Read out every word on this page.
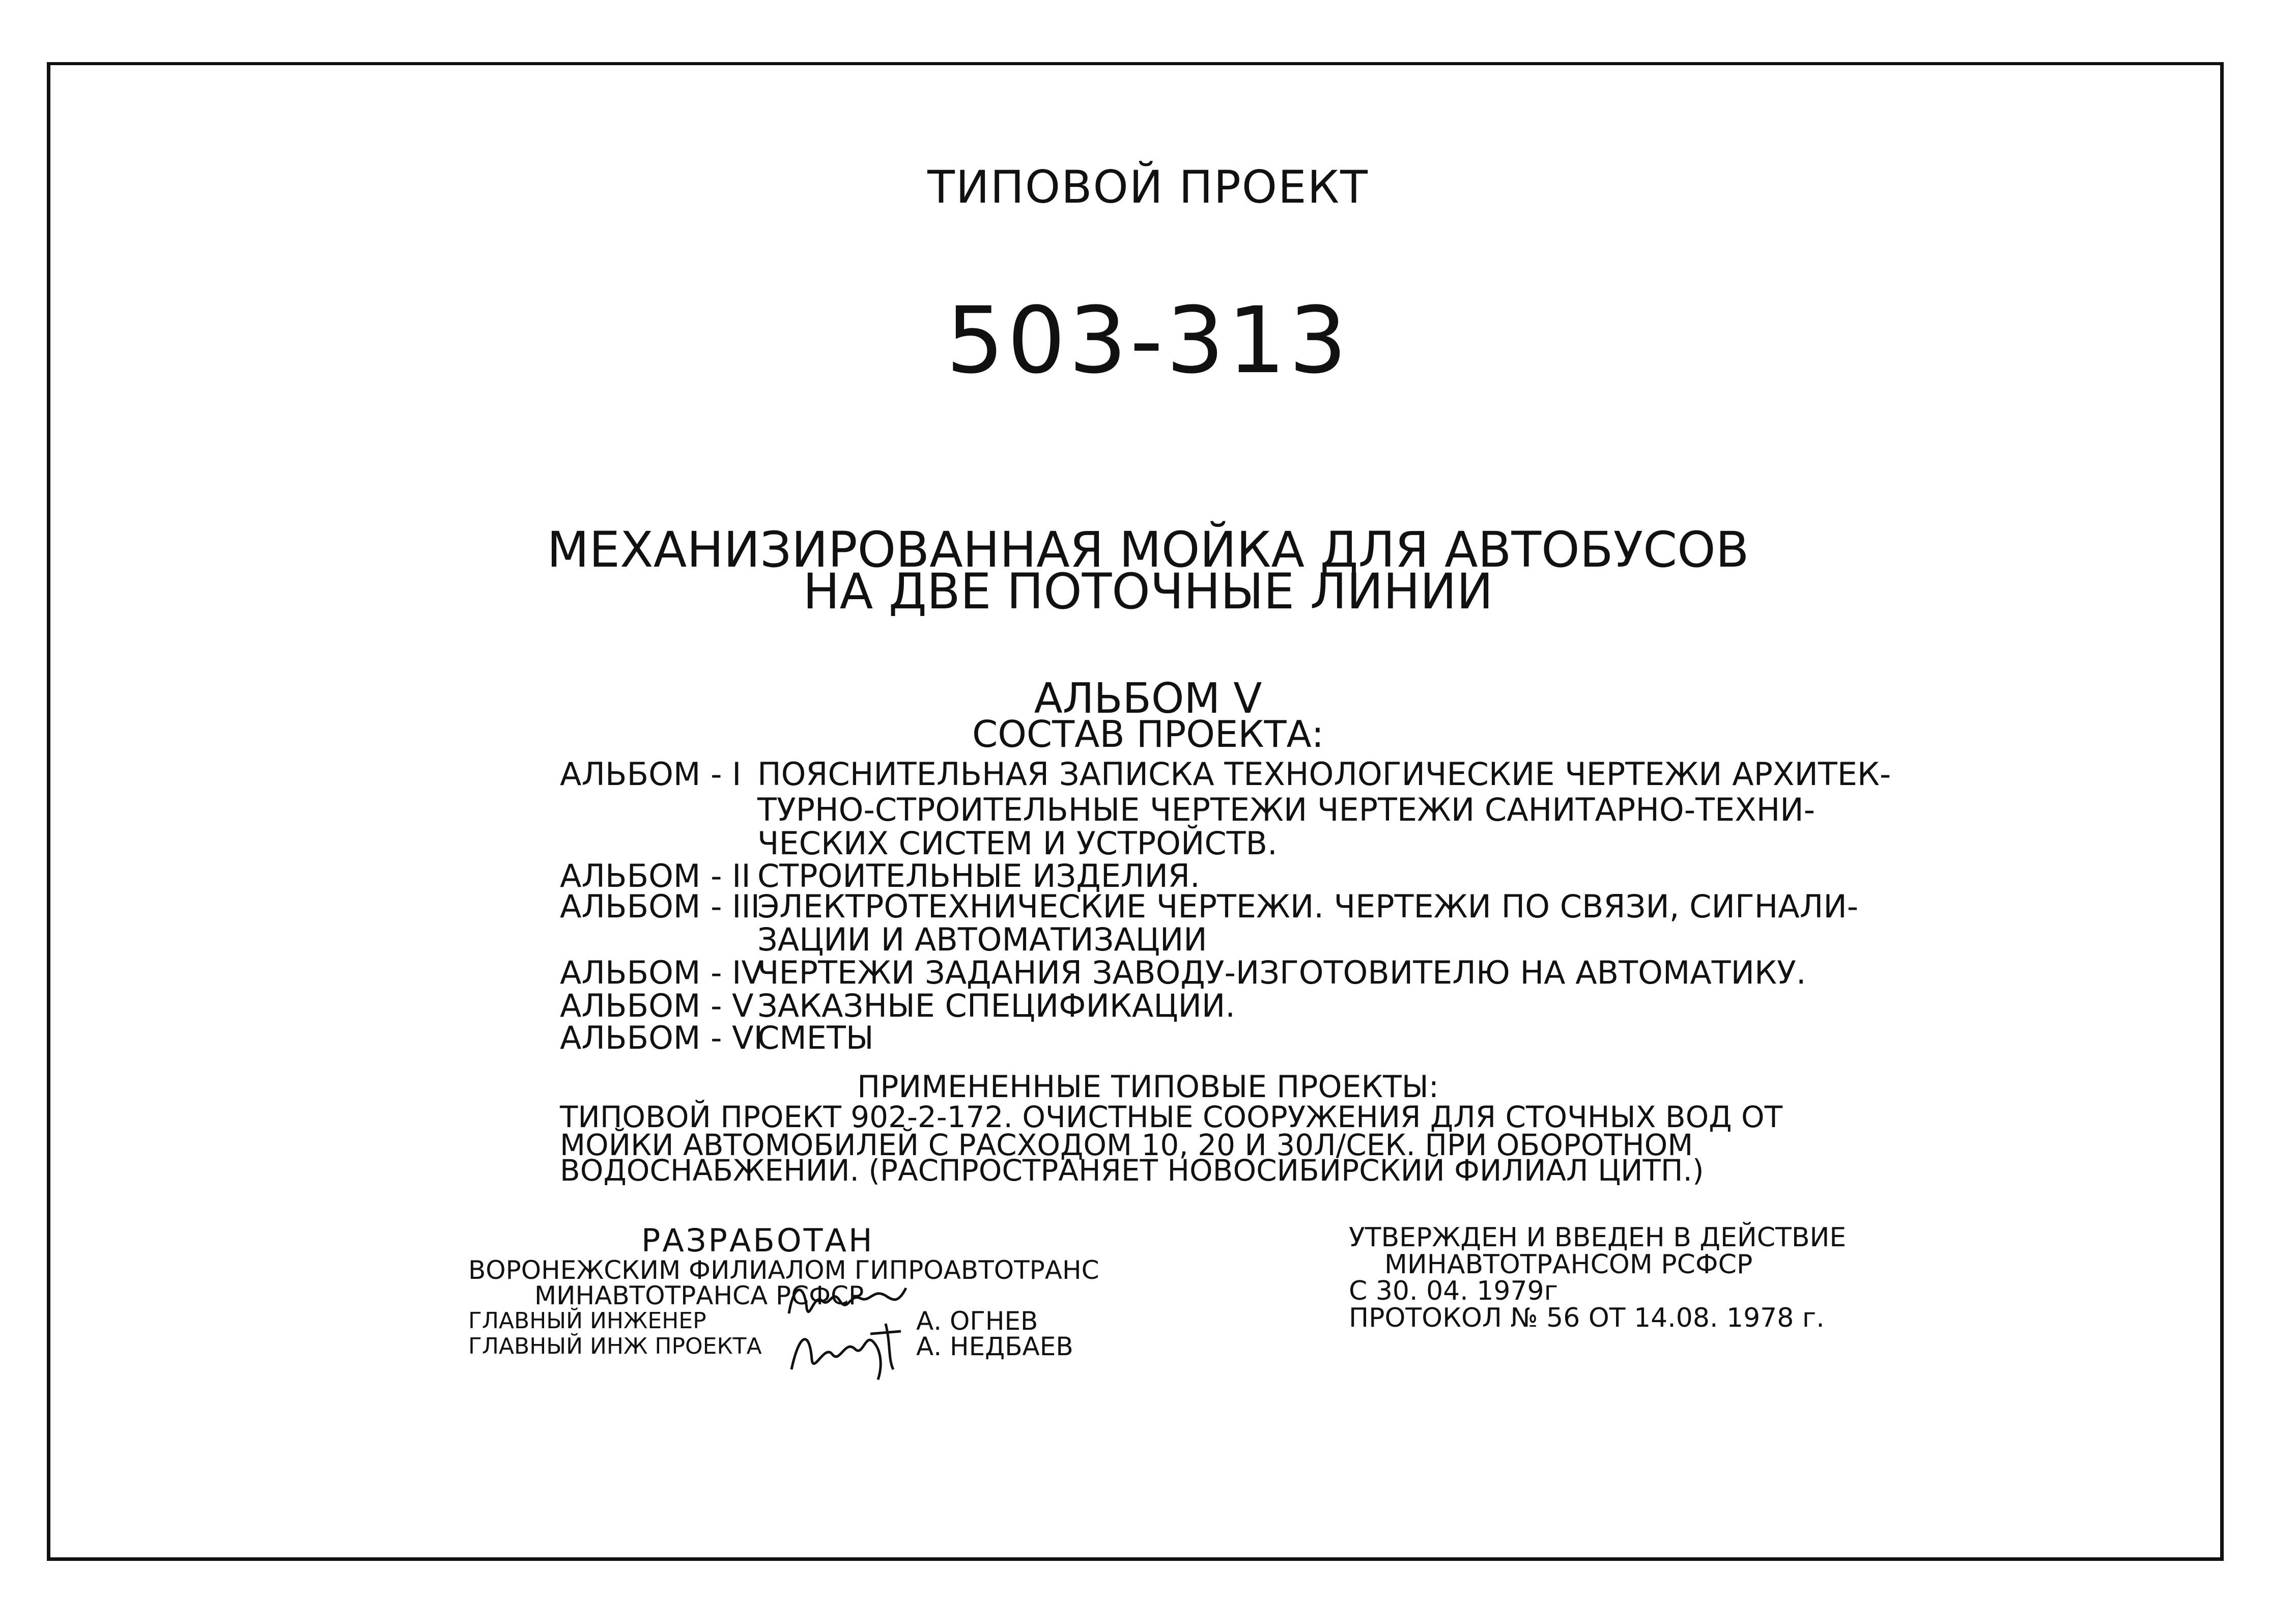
ТИПОВОЙ ПРОЕКТ
503-313
МЕХАНИЗИРОВАННАЯ МОЙКА ДЛЯ АВТОБУСОВ
НА ДВЕ ПОТОЧНЫЕ ЛИНИИ
АЛЬБОМ V
СОСТАВ ПРОЕКТА:
АЛЬБОМ - I ПОЯСНИТЕЛЬНАЯ ЗАПИСКА ТЕХНОЛОГИЧЕСКИЕ ЧЕРТЕЖИ АРХИТЕК-
ТУРНО-СТРОИТЕЛЬНЫЕ ЧЕРТЕЖИ ЧЕРТЕЖИ САНИТАРНО-ТЕХНИ-
ЧЕСКИХ СИСТЕМ И УСТРОЙСТВ.
АЛЬБОМ - II СТРОИТЕЛЬНЫЕ ИЗДЕЛИЯ.
АЛЬБОМ - III
ЭЛЕКТРОТЕХНИЧЕСКИЕ ЧЕРТЕЖИ. ЧЕРТЕЖИ ПО СВЯЗИ, СИГНАЛИ-
ЗАЦИИ И АВТОМАТИЗАЦИИ
АЛЬБОМ - IV
ЧЕРТЕЖИ ЗАДАНИЯ ЗАВОДУ-ИЗГОТОВИТЕЛЮ НА АВТОМАТИКУ.
АЛЬБОМ - V ЗАКАЗНЫЕ СПЕЦИФИКАЦИИ.
АЛЬБОМ - VI
СМЕТЫ
ПРИМЕНЕННЫЕ ТИПОВЫЕ ПРОЕКТЫ:
ТИПОВОЙ ПРОЕКТ 902-2-172. ОЧИСТНЫЕ СООРУЖЕНИЯ ДЛЯ СТОЧНЫХ ВОД ОТ
МОЙКИ АВТОМОБИЛЕЙ С РАСХОДОМ 10, 20 И 30Л/СЕК. ПРИ ОБОРОТНОМ
ВОДОСНАБЖЕНИИ. (РАСПРОСТРАНЯЕТ НОВОСИБИРСКИЙ ФИЛИАЛ ЦИТП.)
РАЗРАБОТАН
ВОРОНЕЖСКИМ ФИЛИАЛОМ ГИПРОАВТОТРАНС
МИНАВТОТРАНСА РСФСР
ГЛАВНЫЙ ИНЖЕНЕР	А. ОГНЕВ
ГЛАВНЫЙ ИНЖ ПРОЕКТА	А. НЕДБАЕВ
УТВЕРЖДЕН И ВВЕДЕН В ДЕЙСТВИЕ
МИНАВТОТРАНСОМ РСФСР
С 30. 04. 1979г
ПРОТОКОЛ № 56 ОТ 14.08. 1978 г.
